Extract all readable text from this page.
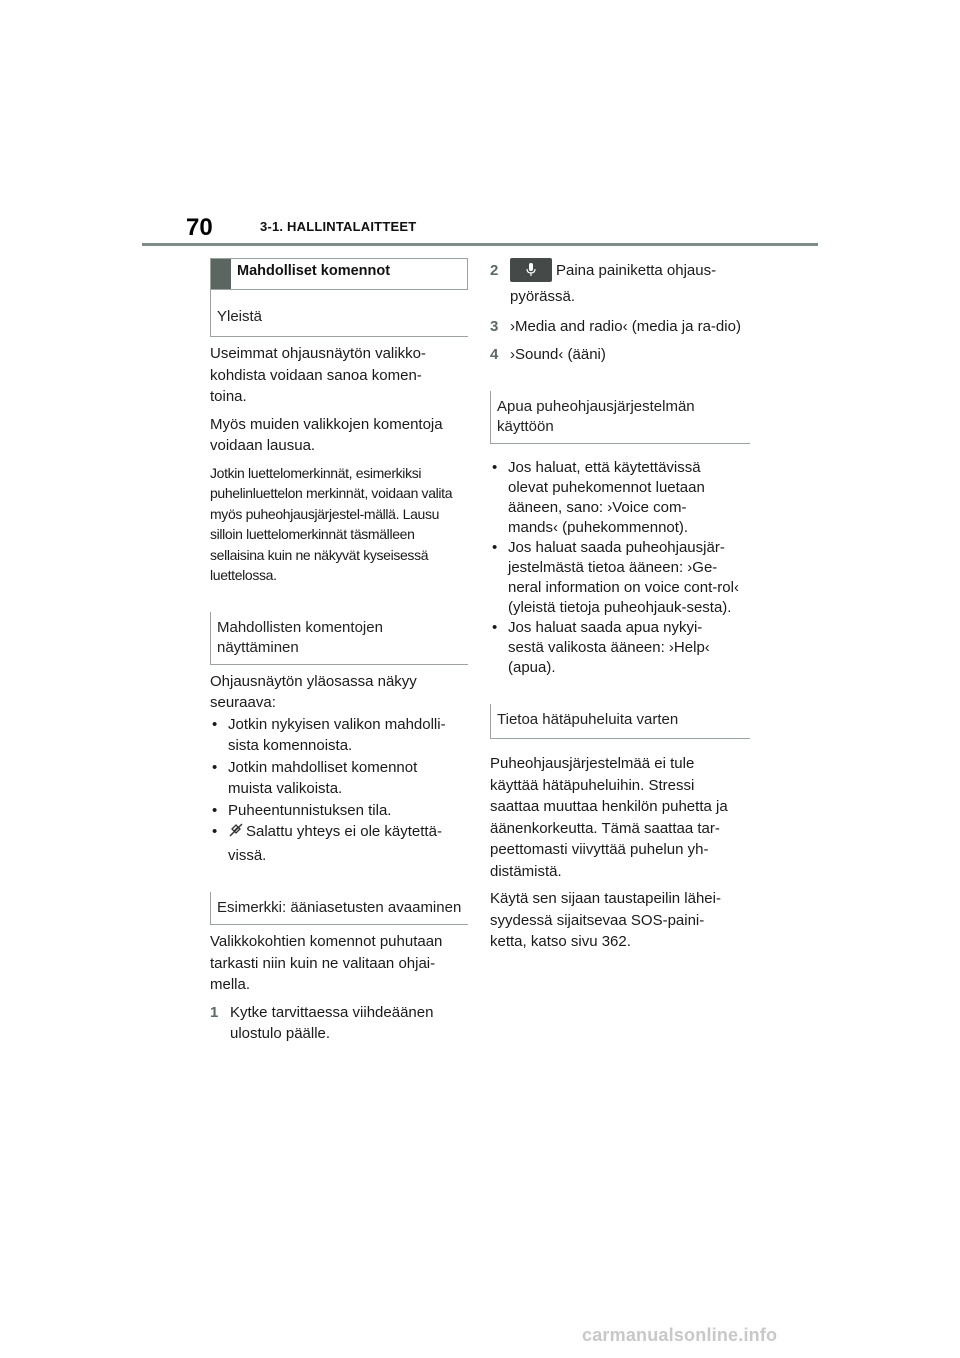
70	3-1. HALLINTALAITTEET
Mahdolliset komennot
Yleistä

Useimmat ohjausnäytön valikko-kohdista voidaan sanoa komen-toina.

Myös muiden valikkojen komentoja voidaan lausua.

Jotkin luettelomerkinnät, esimerkiksi puhelinluettelon merkinnät, voidaan valita myös puheohjausjärjestel-mällä. Lausu silloin luettelomerkinnät täsmälleen sellaisina kuin ne näkyvät kyseisessä luettelossa.

Mahdollisten komentojen näyttäminen

Ohjausnäytön yläosassa näkyy seuraava:

• Jotkin nykyisen valikon mahdolli-sista komennoista.
• Jotkin mahdolliset komennot muista valikoista.
• Puheentunnistuksen tila.
• Salattu yhteys ei ole käytettä-vissä.
Esimerkki: ääniasetusten avaaminen

Valikkokohtien komennot puhutaan tarkasti niin kuin ne valitaan ohjai-mella.

1 Kytke tarvittaessa viihdeäänen ulostulo päälle.
2	Paina painiketta ohjaus-pyörässä.
3 ›Media and radio‹ (media ja ra-dio)
4 ›Sound‹ (ääni)
Apua puheohjausjärjestelmän käyttöön
• Jos haluat, että käytettävissä olevat puhekomennot luetaan ääneen, sano: ›Voice com-mands‹ (puhekommennot).
• Jos haluat saada puheohjausjär-jestelmästä tietoa ääneen: ›Ge-neral information on voice cont-rol‹ (yleistä tietoja puheohjauk-sesta).
• Jos haluat saada apua nykyi-sestä valikosta ääneen: ›Help‹ (apua).
Tietoa hätäpuheluita varten

Puheohjausjärjestelmää ei tule käyttää hätäpuheluihin. Stressi saattaa muuttaa henkilön puhetta ja äänenkorkeutta. Tämä saattaa tar-peettomasti viivyttää puhelun yh-distämistä.

Käytä sen sijaan taustapeilin lähei-syydessä sijaitsevaa SOS-paini-ketta, katso sivu 362.

carmanualsonline.info
